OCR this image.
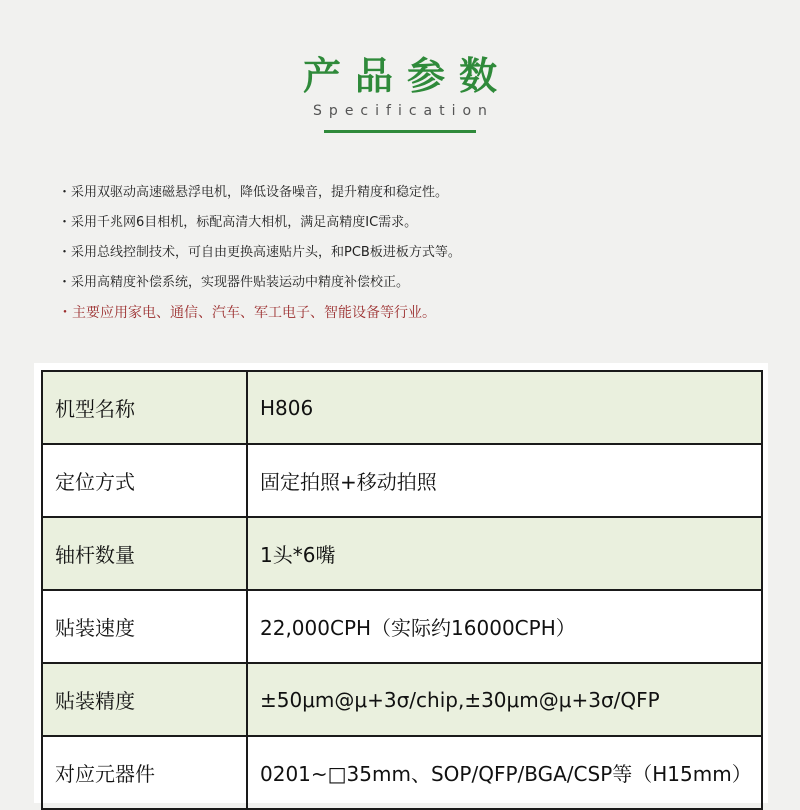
产品参数
Specification
・采用双驱动高速磁悬浮电机，降低设备噪音，提升精度和稳定性。
・采用千兆网6目相机，标配高清大相机，满足高精度IC需求。
・采用总线控制技术，可自由更换高速贴片头，和PCB板进板方式等。
・采用高精度补偿系统，实现器件贴装运动中精度补偿校正。
・主要应用家电、通信、汽车、军工电子、智能设备等行业。
机型名称	H806
定位方式	固定拍照+移动拍照
轴杆数量	1头*6嘴
贴装速度	22,000CPH（实际约16000CPH）
贴装精度	±50μm@μ+3σ/chip,±30μm@μ+3σ/QFP
对应元器件	0201~□35mm、SOP/QFP/BGA/CSP等（H15mm）
